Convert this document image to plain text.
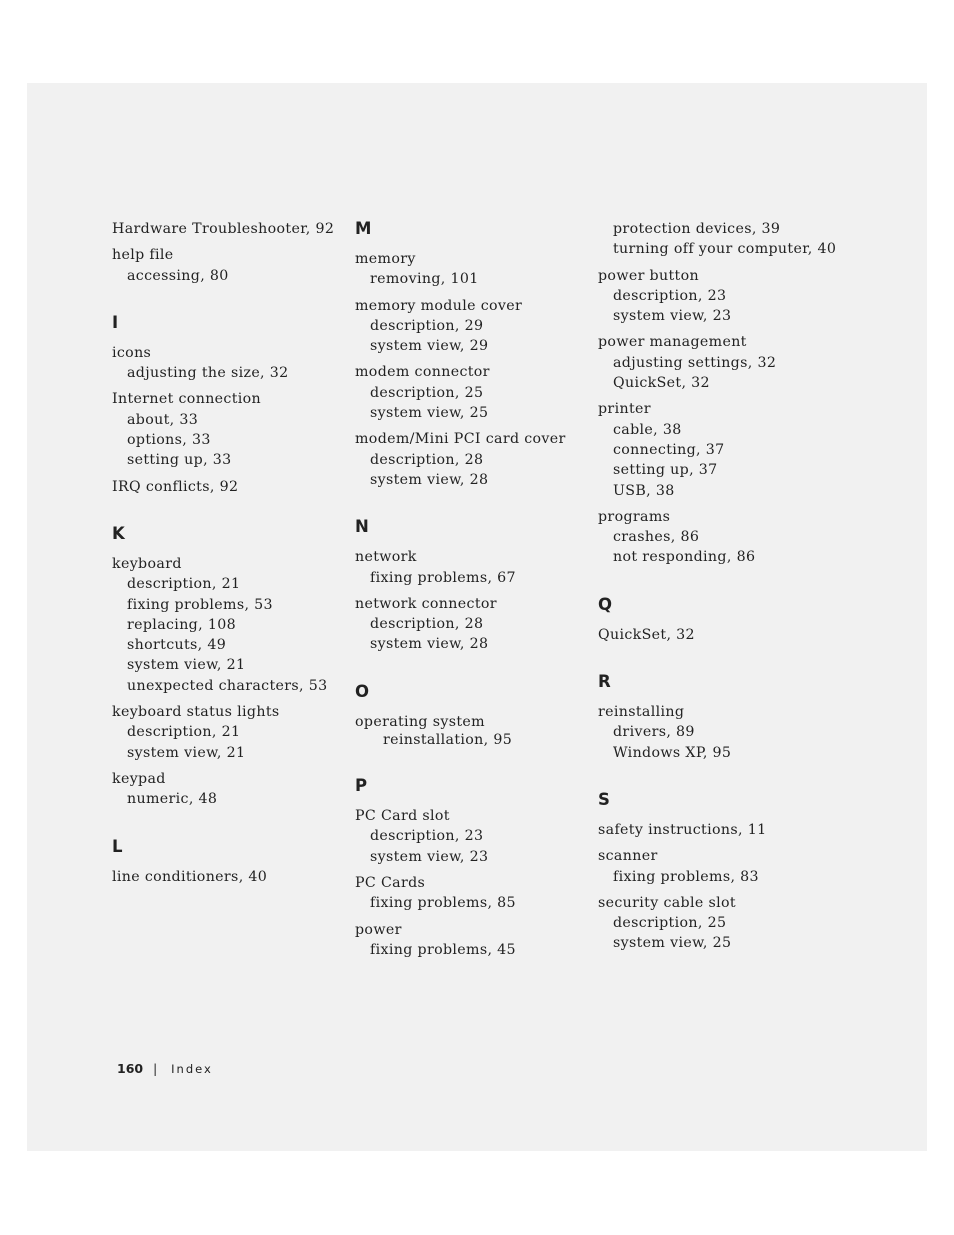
Hardware Troubleshooter, 92
help file
accessing, 80
I
icons
adjusting the size, 32
Internet connection
about, 33
options, 33
setting up, 33
IRQ conflicts, 92
K
keyboard
description, 21
fixing problems, 53
replacing, 108
shortcuts, 49
system view, 21
unexpected characters, 53
keyboard status lights
description, 21
system view, 21
keypad
numeric, 48
L
line conditioners, 40
M
memory
removing, 101
memory module cover
description, 29
system view, 29
modem connector
description, 25
system view, 25
modem/Mini PCI card cover
description, 28
system view, 28
N
network
fixing problems, 67
network connector
description, 28
system view, 28
O
operating system
reinstallation, 95
P
PC Card slot
description, 23
system view, 23
PC Cards
fixing problems, 85
power
fixing problems, 45
protection devices, 39
turning off your computer, 40
power button
description, 23
system view, 23
power management
adjusting settings, 32
QuickSet, 32
printer
cable, 38
connecting, 37
setting up, 37
USB, 38
programs
crashes, 86
not responding, 86
Q
QuickSet, 32
R
reinstalling
drivers, 89
Windows XP, 95
S
safety instructions, 11
scanner
fixing problems, 83
security cable slot
description, 25
system view, 25
160 | Index
